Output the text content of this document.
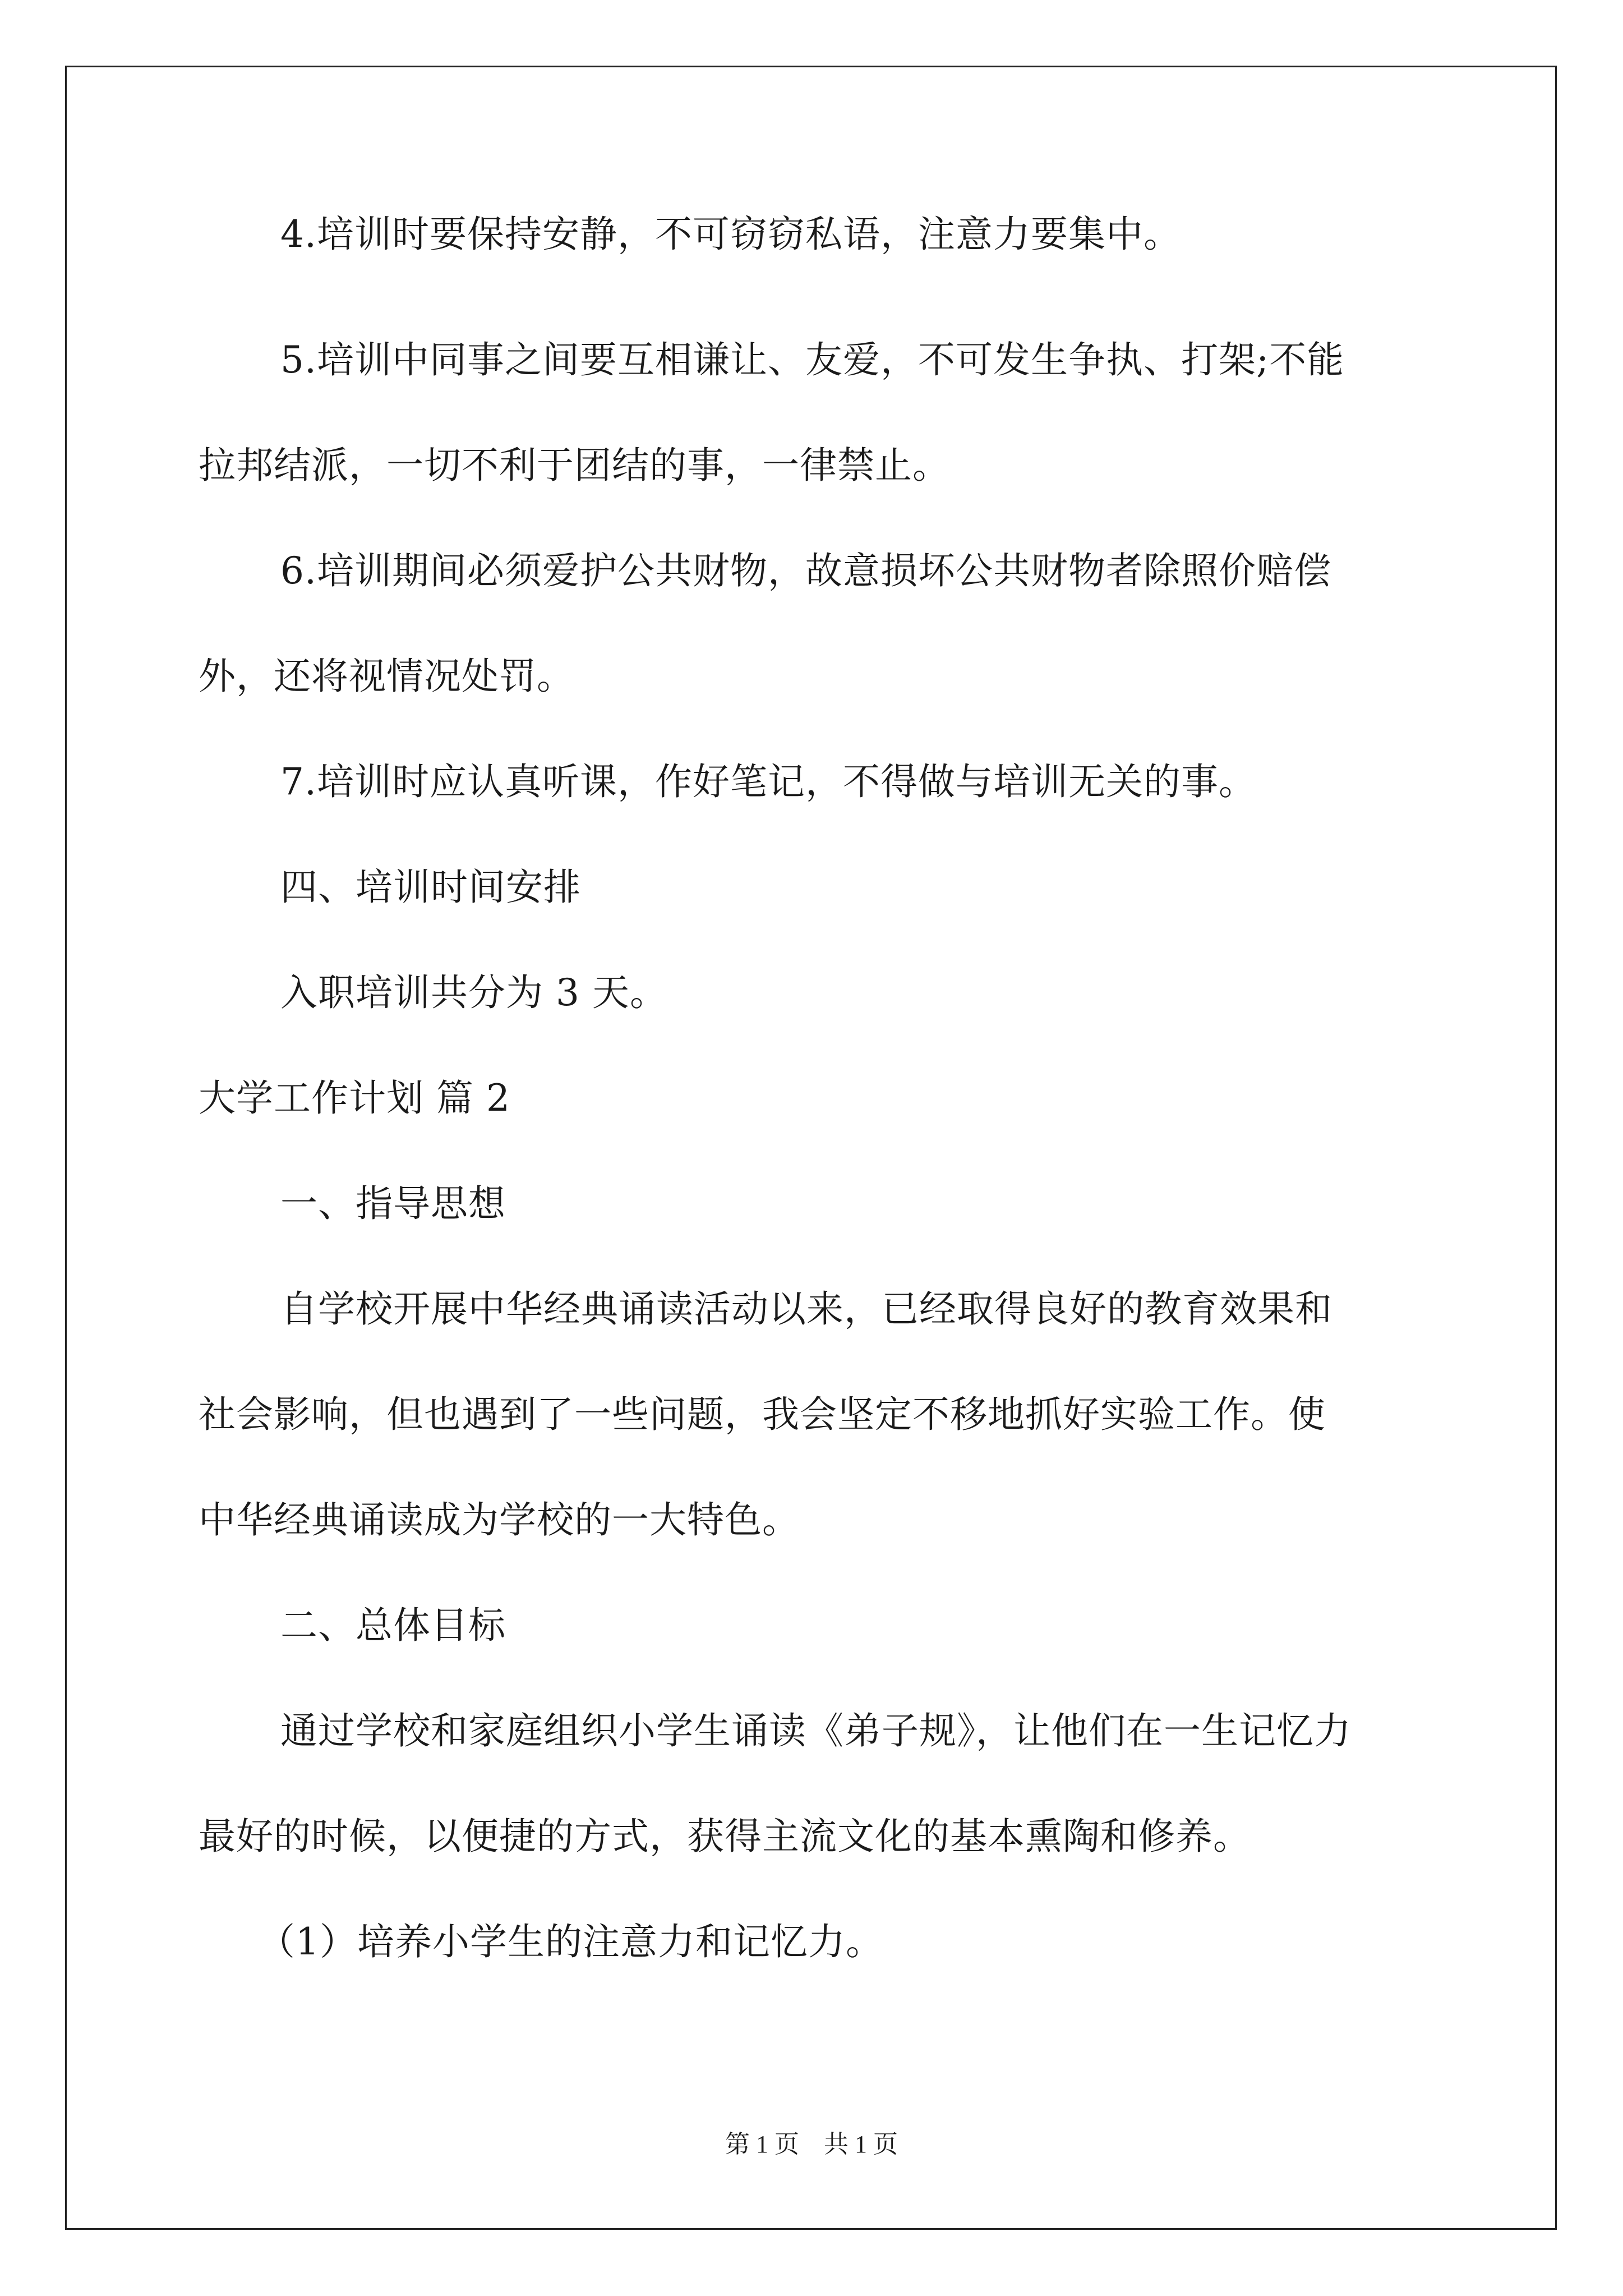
4.培训时要保持安静，不可窃窃私语，注意力要集中。
5.培训中同事之间要互相谦让、友爱，不可发生争执、打架;不能
拉邦结派，一切不利于团结的事，一律禁止。
6.培训期间必须爱护公共财物，故意损坏公共财物者除照价赔偿
外，还将视情况处罚。
7.培训时应认真听课，作好笔记，不得做与培训无关的事。
四、培训时间安排
入职培训共分为 3 天。
大学工作计划 篇 2
一、指导思想
自学校开展中华经典诵读活动以来，已经取得良好的教育效果和
社会影响，但也遇到了一些问题，我会坚定不移地抓好实验工作。使
中华经典诵读成为学校的一大特色。
二、总体目标
通过学校和家庭组织小学生诵读《弟子规》，让他们在一生记忆力
最好的时候，以便捷的方式，获得主流文化的基本熏陶和修养。
（1）培养小学生的注意力和记忆力。
第 1 页    共 1 页
